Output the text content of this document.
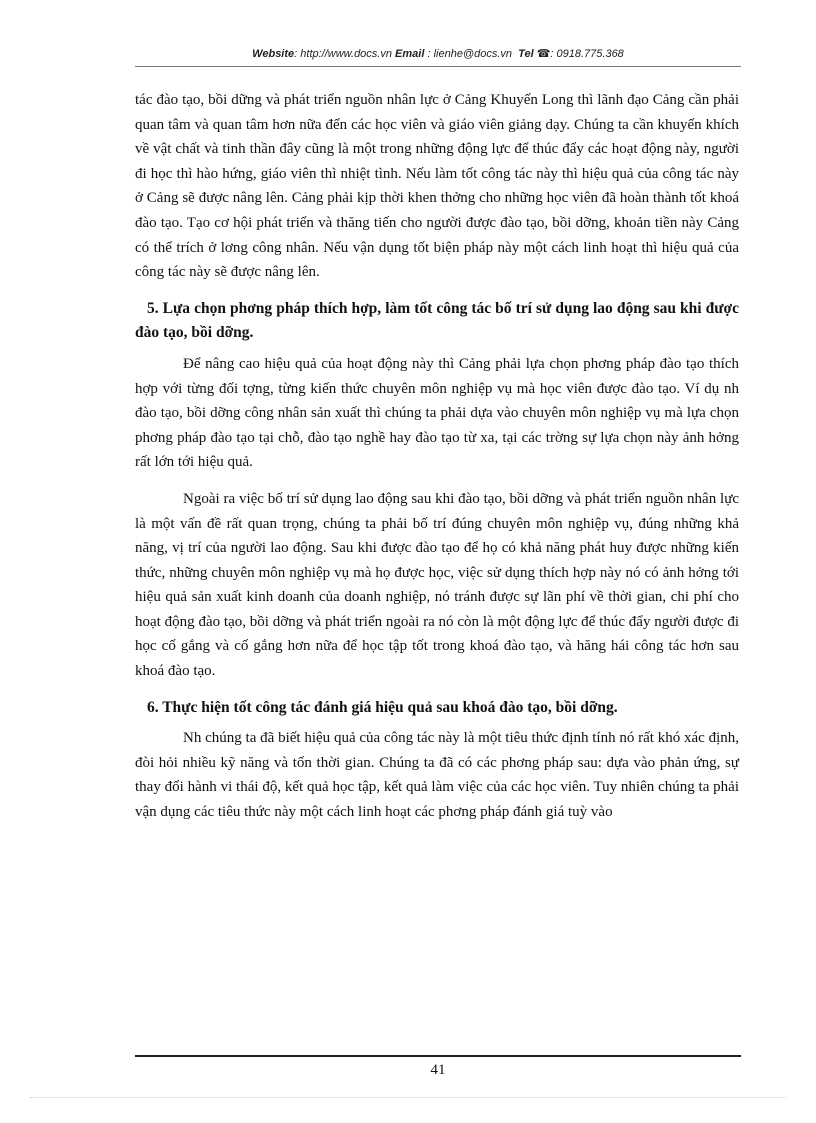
Website: http://www.docs.vn Email : lienhe@docs.vn Tel ☎: 0918.775.368

tác đào tạo, bồi dững và phát triển nguồn nhân lực ở Cảng Khuyến Long thì lãnh đạo Cảng cần phải quan tâm và quan tâm hơn nữa đến các học viên và giáo viên giảng dạy. Chúng ta cần khuyến khích về vật chất và tinh thần đây cũng là một trong những động lực để thúc đẩy các hoạt động này, người đi học thì hào hứng, giáo viên thì nhiệt tình. Nếu làm tốt công tác này thì hiệu quả của công tác này ở Cảng sẽ được nâng lên. Cảng phải kịp thời khen thởng cho những học viên đã hoàn thành tốt khoá đào tạo. Tạo cơ hội phát triển và thăng tiến cho người được đào tạo, bồi dỡng, khoản tiền này Cảng có thể trích ở lơng công nhân. Nếu vận dụng tốt biện pháp này một cách linh hoạt thì hiệu quả của công tác này sẽ được nâng lên.

5. Lựa chọn phơng pháp thích hợp, làm tốt công tác bố trí sử dụng lao động sau khi được đào tạo, bồi dỡng.

Để nâng cao hiệu quả của hoạt động này thì Cảng phải lựa chọn phơng pháp đào tạo thích hợp với từng đối tợng, từng kiến thức chuyên môn nghiệp vụ mà học viên được đào tạo. Ví dụ nh đào tạo, bồi dỡng công nhân sản xuất thì chúng ta phải dựa vào chuyên môn nghiệp vụ mà lựa chọn phơng pháp đào tạo tại chỗ, đào tạo nghề hay đào tạo từ xa, tại các trờng sự lựa chọn này ảnh hởng rất lớn tới hiệu quả.

Ngoài ra việc bố trí sử dụng lao động sau khi đào tạo, bồi dỡng và phát triển nguồn nhân lực là một vấn đề rất quan trọng, chúng ta phải bố trí đúng chuyên môn nghiệp vụ, đúng những khả năng, vị trí của người lao động. Sau khi được đào tạo để họ có khả năng phát huy được những kiến thức, những chuyên môn nghiệp vụ mà họ được học, việc sử dụng thích hợp này nó có ảnh hởng tới hiệu quả sản xuất kinh doanh của doanh nghiệp, nó tránh được sự lãn phí về thời gian, chi phí cho hoạt động đào tạo, bồi dỡng và phát triển ngoài ra nó còn là một động lực để thúc đẩy người được đi học cố gắng và cố gắng hơn nữa để học tập tốt trong khoá đào tạo, và hăng hái công tác hơn sau khoá đào tạo.

6. Thực hiện tốt công tác đánh giá hiệu quả sau khoá đào tạo, bồi dỡng.

Nh chúng ta đã biết hiệu quả của công tác này là một tiêu thức định tính nó rất khó xác định, đòi hỏi nhiều kỹ năng và tốn thời gian. Chúng ta đã có các phơng pháp sau: dựa vào phản ứng, sự thay đổi hành vi thái độ, kết quả học tập, kết quả làm việc của các học viên. Tuy nhiên chúng ta phải vận dụng các tiêu thức này một cách linh hoạt các phơng pháp đánh giá tuỳ vào

41
